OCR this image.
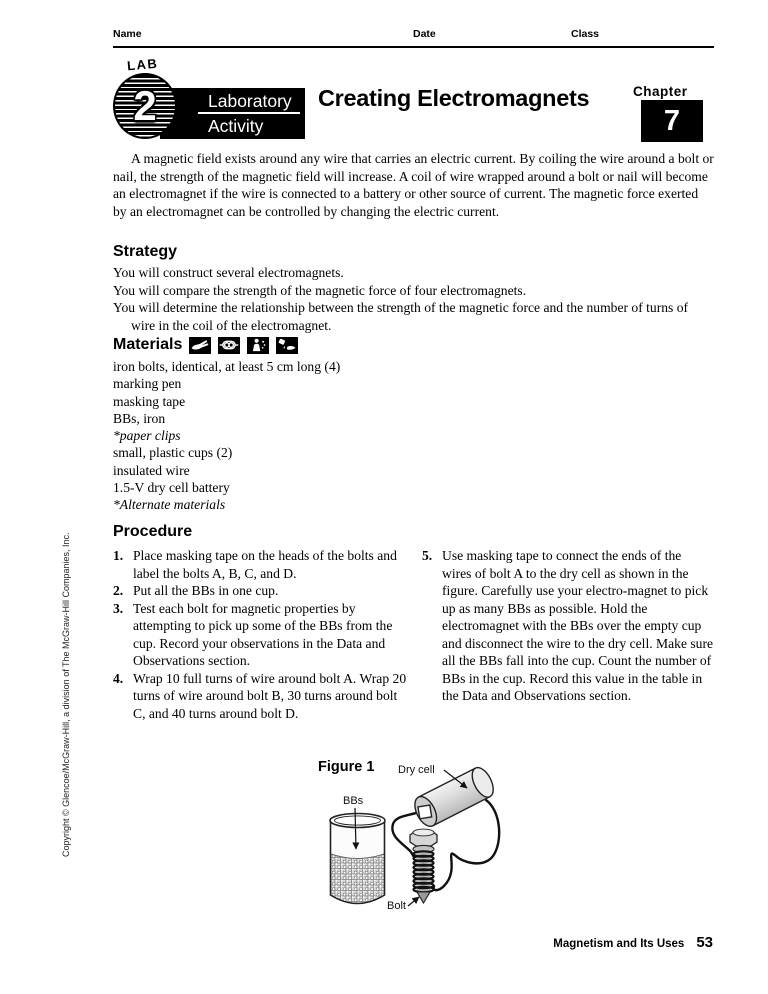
Name	Date	Class
LAB
2	Laboratory
Activity
Creating Electromagnets	Chapter
7

A magnetic field exists around any wire that carries an electric current. By coiling the wire around a bolt or nail, the strength of the magnetic field will increase. A coil of wire wrapped around a bolt or nail will become an electromagnet if the wire is connected to a battery or other source of current. The magnetic force exerted by an electromagnet can be controlled by changing the electric current.

Strategy
You will construct several electromagnets.
You will compare the strength of the magnetic force of four electromagnets.
You will determine the relationship between the strength of the magnetic force and the number of turns of wire in the coil of the electromagnet.
Materials
iron bolts, identical, at least 5 cm long (4)
marking pen
masking tape
BBs, iron
*paper clips
small, plastic cups (2)
insulated wire
1.5-V dry cell battery
*Alternate materials
Procedure
1. Place masking tape on the heads of the bolts and label the bolts A, B, C, and D.
2. Put all the BBs in one cup.
3. Test each bolt for magnetic properties by attempting to pick up some of the BBs from the cup. Record your observations in the Data and Observations section.
4. Wrap 10 full turns of wire around bolt A. Wrap 20 turns of wire around bolt B, 30 turns around bolt C, and 40 turns around bolt D.
5. Use masking tape to connect the ends of the wires of bolt A to the dry cell as shown in the figure. Carefully use your electro-magnet to pick up as many BBs as possible. Hold the electromagnet with the BBs over the empty cup and disconnect the wire to the dry cell. Make sure all the BBs fall into the cup. Count the number of BBs in the cup. Record this value in the table in the Data and Observations section.
Figure 1 Dry cell
BBs
Bolt
Copyright © Glencoe/McGraw-Hill, a division of The McGraw-Hill Companies, Inc.
Magnetism and Its Uses 53
